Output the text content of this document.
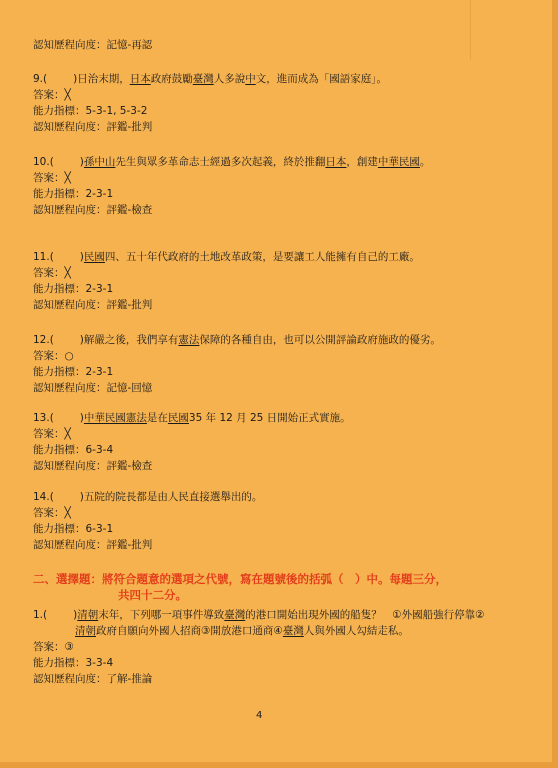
認知歷程向度：記憶-再認
9.( )日治末期，日本政府鼓勵臺灣人多說中文，進而成為「國語家庭」。
答案：╳
能力指標：5-3-1, 5-3-2
認知歷程向度：評鑑-批判
10.( )孫中山先生與眾多革命志士經過多次起義，終於推翻日本，創建中華民國。
答案：╳
能力指標：2-3-1
認知歷程向度：評鑑-檢查
11.( )民國四、五十年代政府的土地改革政策，是要讓工人能擁有自己的工廠。
答案：╳
能力指標：2-3-1
認知歷程向度：評鑑-批判
12.( )解嚴之後，我們享有憲法保障的各種自由，也可以公開評論政府施政的優劣。
答案：○
能力指標：2-3-1
認知歷程向度：記憶-回憶
13.( )中華民國憲法是在民國35 年 12 月 25 日開始正式實施。
答案：╳
能力指標：6-3-4
認知歷程向度：評鑑-檢查
14.( )五院的院長都是由人民直接選舉出的。
答案：╳
能力指標：6-3-1
認知歷程向度：評鑑-批判
二、選擇題：將符合題意的選項之代號，寫在題號後的括弧（　）中。每題三分，
共四十二分。
1.( )清朝末年，下列哪一項事件導致臺灣的港口開始出現外國的船隻？　①外國船強行停靠②
清朝政府自願向外國人招商③開放港口通商④臺灣人與外國人勾結走私。
答案：③
能力指標：3-3-4
認知歷程向度：了解-推論
4
